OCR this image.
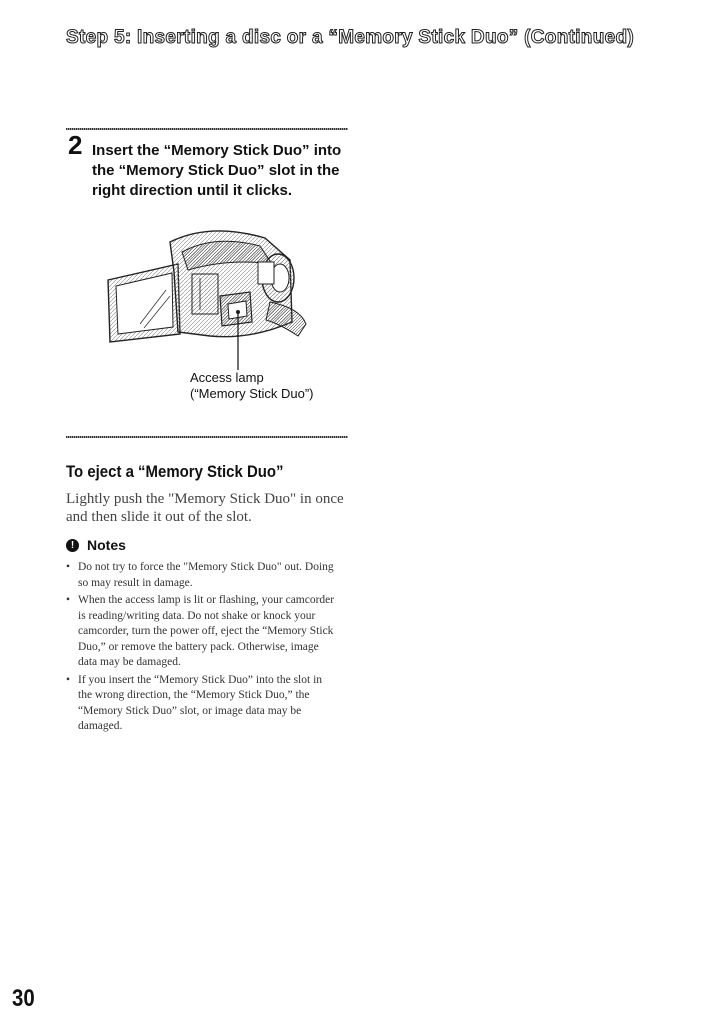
Step 5: Inserting a disc or a “Memory Stick Duo” (Continued)
2 Insert the “Memory Stick Duo” into the “Memory Stick Duo” slot in the right direction until it clicks.
Access lamp
(“Memory Stick Duo”)
To eject a “Memory Stick Duo”
Lightly push the "Memory Stick Duo" in once and then slide it out of the slot.
! Notes
• Do not try to force the "Memory Stick Duo" out. Doing so may result in damage.
• When the access lamp is lit or flashing, your camcorder is reading/writing data. Do not shake or knock your camcorder, turn the power off, eject the “Memory Stick Duo,” or remove the battery pack. Otherwise, image data may be damaged.
• If you insert the “Memory Stick Duo” into the slot in the wrong direction, the “Memory Stick Duo,” the “Memory Stick Duo” slot, or image data may be damaged.
30
